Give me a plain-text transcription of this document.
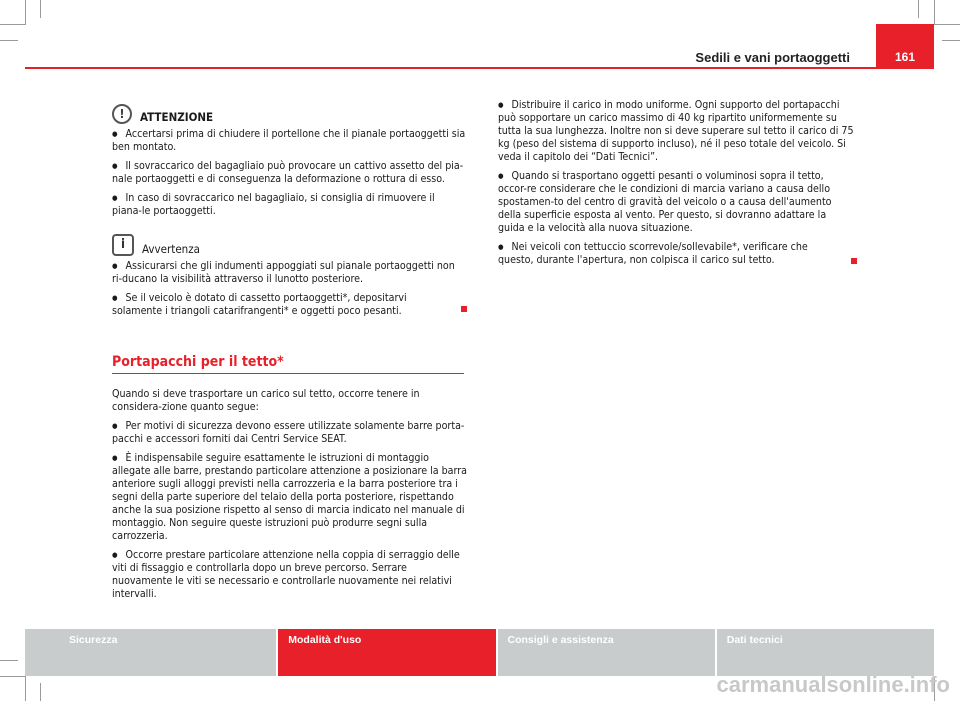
Sedili e vani portaoggetti	161
!
ATTENZIONE

● Accertarsi prima di chiudere il portellone che il pianale portaoggetti sia ben montato.

● Il sovraccarico del bagagliaio può provocare un cattivo assetto del pia-nale portaoggetti e di conseguenza la deformazione o rottura di esso.

● In caso di sovraccarico nel bagagliaio, si consiglia di rimuovere il piana-le portaoggetti.

i
Avvertenza

● Assicurarsi che gli indumenti appoggiati sul pianale portaoggetti non ri-ducano la visibilità attraverso il lunotto posteriore.

● Se il veicolo è dotato di cassetto portaoggetti*, depositarvi solamente i triangoli catarifrangenti* e oggetti poco pesanti.

Portapacchi per il tetto*

Quando si deve trasportare un carico sul tetto, occorre tenere in considera-zione quanto segue:

● Per motivi di sicurezza devono essere utilizzate solamente barre porta-pacchi e accessori forniti dai Centri Service SEAT.

● È indispensabile seguire esattamente le istruzioni di montaggio allegate alle barre, prestando particolare attenzione a posizionare la barra anteriore sugli alloggi previsti nella carrozzeria e la barra posteriore tra i segni della parte superiore del telaio della porta posteriore, rispettando anche la sua posizione rispetto al senso di marcia indicato nel manuale di montaggio. Non seguire queste istruzioni può produrre segni sulla carrozzeria.

● Occorre prestare particolare attenzione nella coppia di serraggio delle viti di fissaggio e controllarla dopo un breve percorso. Serrare nuovamente le viti se necessario e controllarle nuovamente nei relativi intervalli.

● Distribuire il carico in modo uniforme. Ogni supporto del portapacchi può sopportare un carico massimo di 40 kg ripartito uniformemente su tutta la sua lunghezza. Inoltre non si deve superare sul tetto il carico di 75 kg (peso del sistema di supporto incluso), né il peso totale del veicolo. Si veda il capitolo dei “Dati Tecnici”.

● Quando si trasportano oggetti pesanti o voluminosi sopra il tetto, occor-re considerare che le condizioni di marcia variano a causa dello spostamen-to del centro di gravità del veicolo o a causa dell'aumento della superficie esposta al vento. Per questo, si dovranno adattare la guida e la velocità alla nuova situazione.

● Nei veicoli con tettuccio scorrevole/sollevabile*, verificare che questo, durante l'apertura, non colpisca il carico sul tetto.

Sicurezza	Modalità d'uso	Consigli e assistenza	Dati tecnici
carmanualsonline.info
